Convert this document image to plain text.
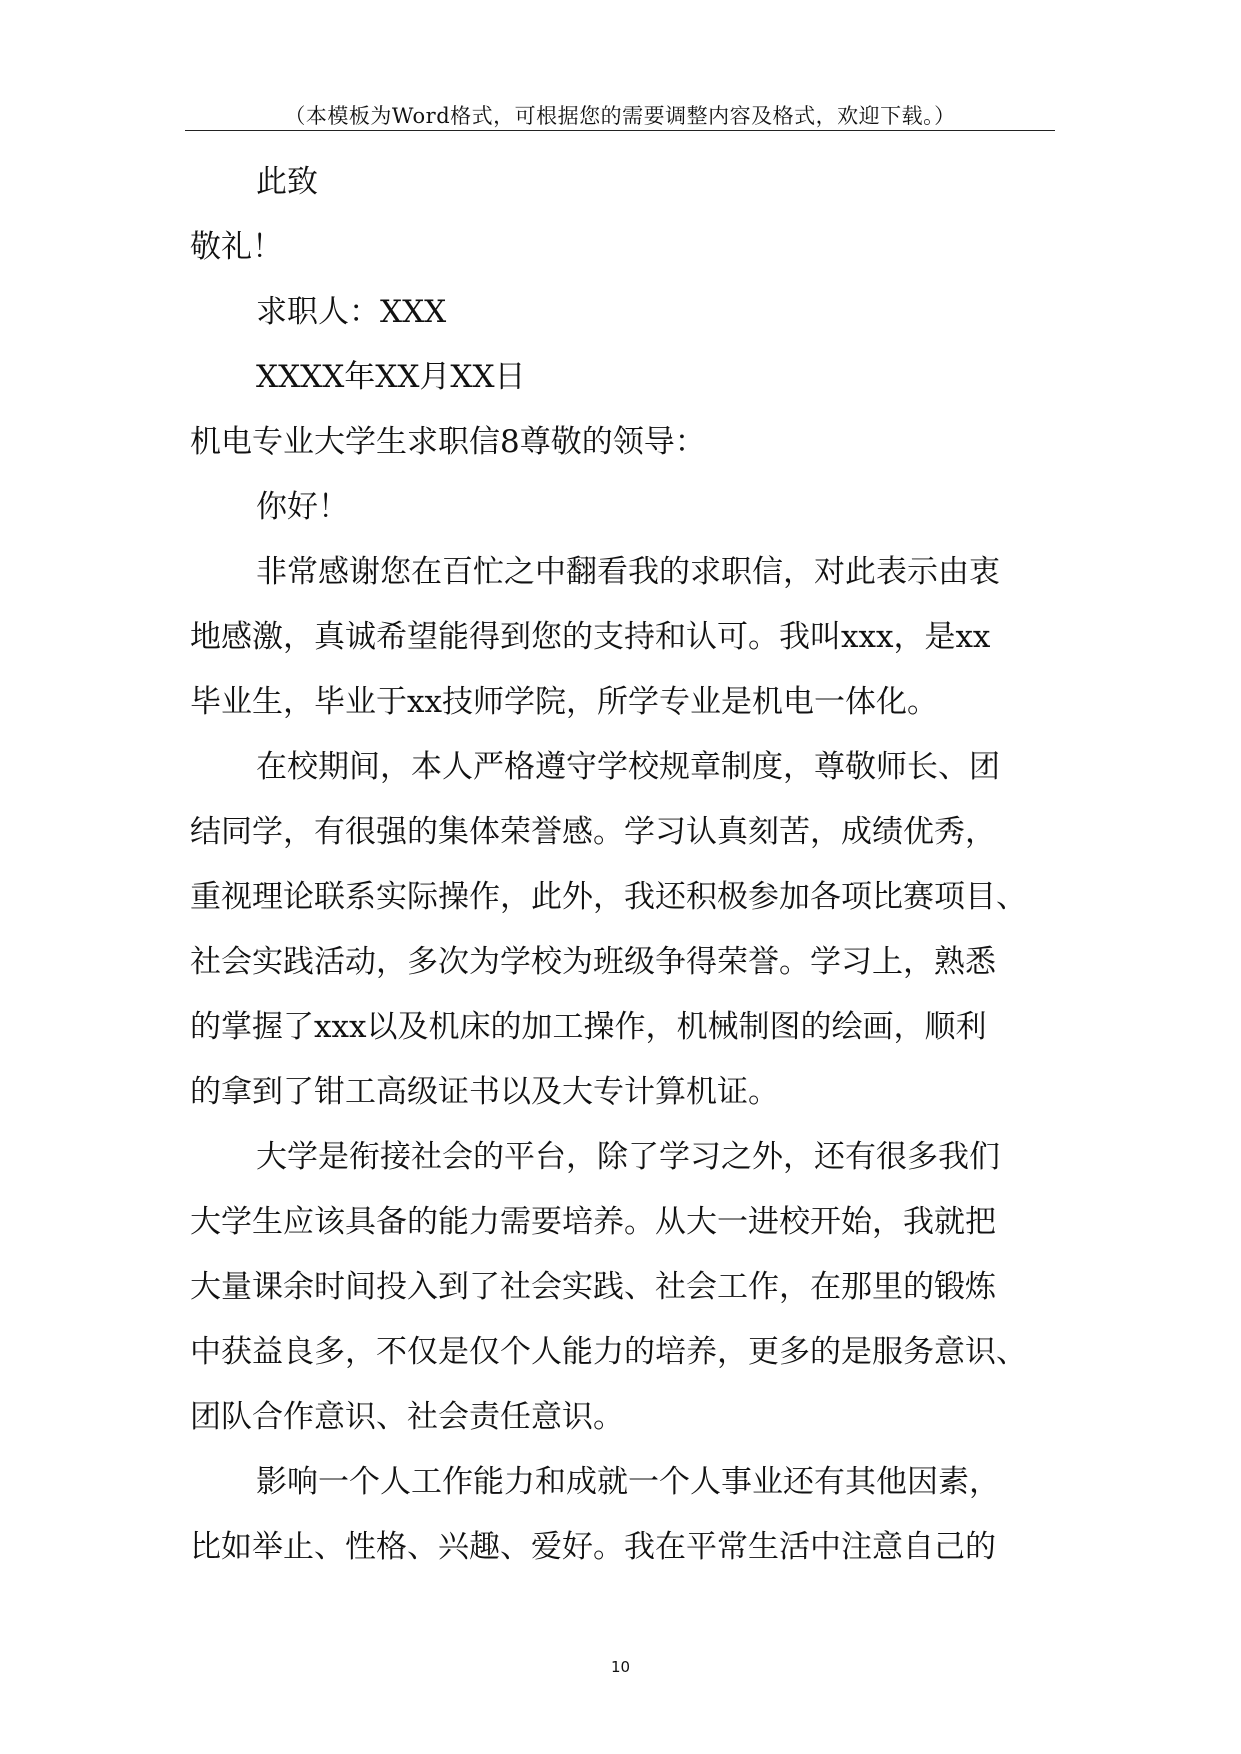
（本模板为Word格式，可根据您的需要调整内容及格式，欢迎下载。）
此致
敬礼！
求职人：XXX
XXXX年XX月XX日
机电专业大学生求职信8尊敬的领导：
你好！
非常感谢您在百忙之中翻看我的求职信，对此表示由衷
地感激，真诚希望能得到您的支持和认可。我叫xxx，是xx
毕业生，毕业于xx技师学院，所学专业是机电一体化。
在校期间，本人严格遵守学校规章制度，尊敬师长、团
结同学，有很强的集体荣誉感。学习认真刻苦，成绩优秀，
重视理论联系实际操作，此外，我还积极参加各项比赛项目、
社会实践活动，多次为学校为班级争得荣誉。学习上，熟悉
的掌握了xxx以及机床的加工操作，机械制图的绘画，顺利
的拿到了钳工高级证书以及大专计算机证。
大学是衔接社会的平台，除了学习之外，还有很多我们
大学生应该具备的能力需要培养。从大一进校开始，我就把
大量课余时间投入到了社会实践、社会工作，在那里的锻炼
中获益良多，不仅是仅个人能力的培养，更多的是服务意识、
团队合作意识、社会责任意识。
影响一个人工作能力和成就一个人事业还有其他因素，
比如举止、性格、兴趣、爱好。我在平常生活中注意自己的
10
